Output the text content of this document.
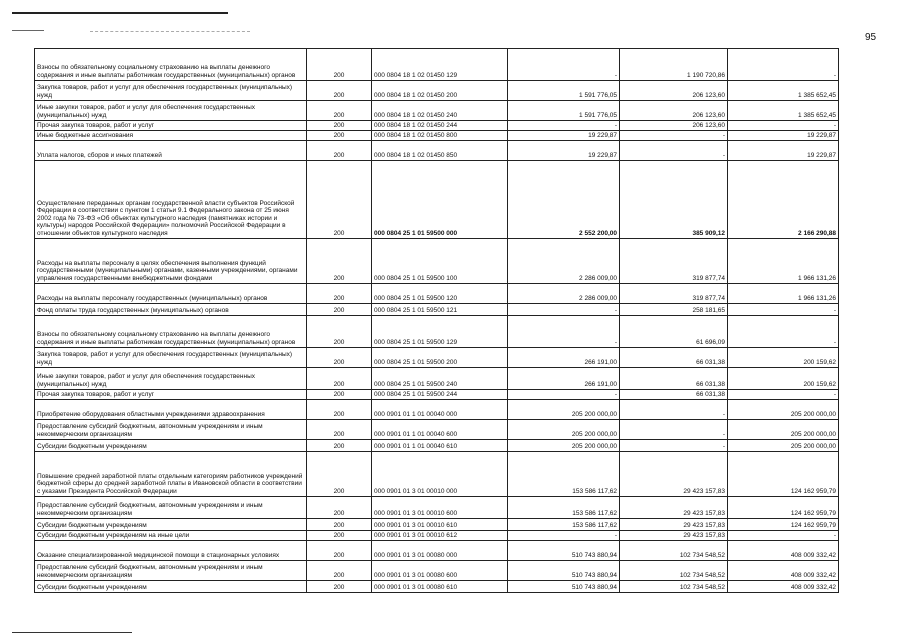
95
Взносы по обязательному социальному страхованию на выплаты денежного содержания и иные выплаты работникам государственных (муниципальных) органов	200	000 0804 18 1 02 01450 129	-	1 190 720,86	-
Закупка товаров, работ и услуг для обеспечения государственных (муниципальных) нужд	200	000 0804 18 1 02 01450 200	1 591 776,05	206 123,60	1 385 652,45
Иные закупки товаров, работ и услуг для обеспечения государственных (муниципальных) нужд	200	000 0804 18 1 02 01450 240	1 591 776,05	206 123,60	1 385 652,45
Прочая закупка товаров, работ и услуг	200	000 0804 18 1 02 01450 244	-	206 123,60	-
Иные бюджетные ассигнования	200	000 0804 18 1 02 01450 800	19 229,87	-	19 229,87
Уплата налогов, сборов и иных платежей	200	000 0804 18 1 02 01450 850	19 229,87	-	19 229,87
Осуществление переданных органам государственной власти субъектов Российской Федерации в соответствии с пунктом 1 статьи 9.1 Федерального закона от 25 июня 2002 года № 73-ФЗ «Об объектах культурного наследия (памятниках истории и культуры) народов Российской Федерации» полномочий Российской Федерации в отношении объектов культурного наследия	200	000 0804 25 1 01 59500 000	2 552 200,00	385 909,12	2 166 290,88
Расходы на выплаты персоналу в целях обеспечения выполнения функций государственными (муниципальными) органами, казенными учреждениями, органами управления государственными внебюджетными фондами	200	000 0804 25 1 01 59500 100	2 286 009,00	319 877,74	1 966 131,26
Расходы на выплаты персоналу государственных (муниципальных) органов	200	000 0804 25 1 01 59500 120	2 286 009,00	319 877,74	1 966 131,26
Фонд оплаты труда государственных (муниципальных) органов	200	000 0804 25 1 01 59500 121	-	258 181,65	-
Взносы по обязательному социальному страхованию на выплаты денежного содержания и иные выплаты работникам государственных (муниципальных) органов	200	000 0804 25 1 01 59500 129	-	61 696,09	-
Закупка товаров, работ и услуг для обеспечения государственных (муниципальных) нужд	200	000 0804 25 1 01 59500 200	266 191,00	66 031,38	200 159,62
Иные закупки товаров, работ и услуг для обеспечения государственных (муниципальных) нужд	200	000 0804 25 1 01 59500 240	266 191,00	66 031,38	200 159,62
Прочая закупка товаров, работ и услуг	200	000 0804 25 1 01 59500 244	-	66 031,38	-
Приобретение оборудования областными учреждениями здравоохранения	200	000 0901 01 1 01 00040 000	205 200 000,00	-	205 200 000,00
Предоставление субсидий бюджетным, автономным учреждениям и иным некоммерческим организациям	200	000 0901 01 1 01 00040 600	205 200 000,00	-	205 200 000,00
Субсидии бюджетным учреждениям	200	000 0901 01 1 01 00040 610	205 200 000,00	-	205 200 000,00
Повышение средней заработной платы отдельным категориям работников учреждений бюджетной сферы до средней заработной платы в Ивановской области в соответствии с указами Президента Российской Федерации	200	000 0901 01 3 01 00010 000	153 586 117,62	29 423 157,83	124 162 959,79
Предоставление субсидий бюджетным, автономным учреждениям и иным некоммерческим организациям	200	000 0901 01 3 01 00010 600	153 586 117,62	29 423 157,83	124 162 959,79
Субсидии бюджетным учреждениям	200	000 0901 01 3 01 00010 610	153 586 117,62	29 423 157,83	124 162 959,79
Субсидии бюджетным учреждениям на иные цели	200	000 0901 01 3 01 00010 612	-	29 423 157,83	-
Оказание специализированной медицинской помощи в стационарных условиях	200	000 0901 01 3 01 00080 000	510 743 880,94	102 734 548,52	408 009 332,42
Предоставление субсидий бюджетным, автономным учреждениям и иным некоммерческим организациям	200	000 0901 01 3 01 00080 600	510 743 880,94	102 734 548,52	408 009 332,42
Субсидии бюджетным учреждениям	200	000 0901 01 3 01 00080 610	510 743 880,94	102 734 548,52	408 009 332,42
